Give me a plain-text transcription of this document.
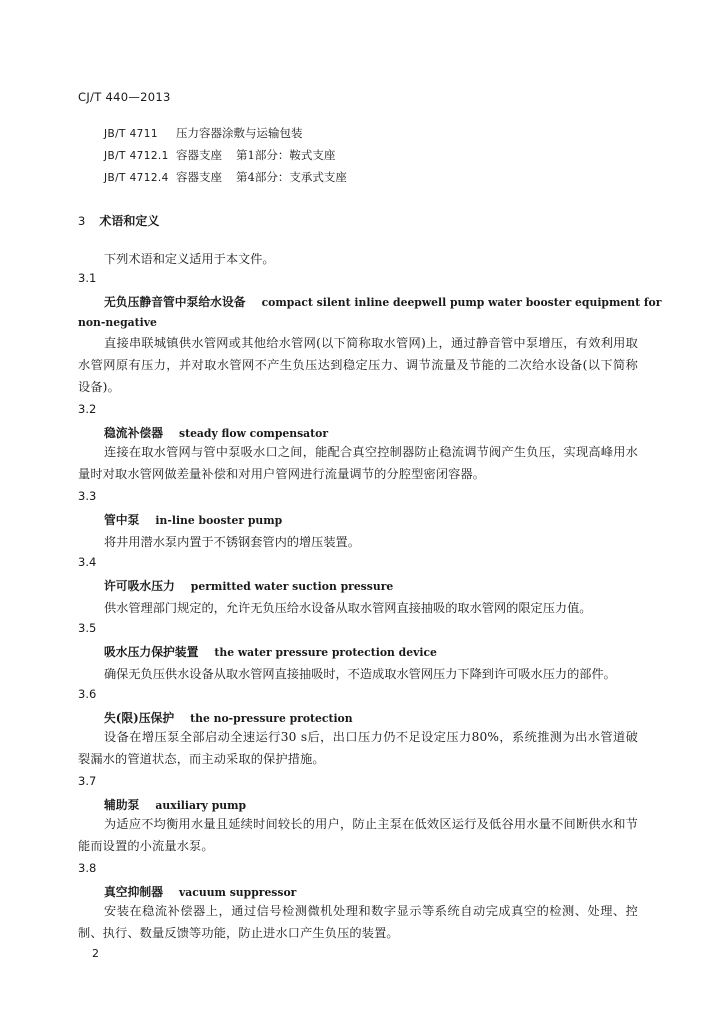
CJ/T 440—2013
JB/T 4711 压力容器涂敷与运输包装
JB/T 4712.1 容器支座 第1部分：鞍式支座
JB/T 4712.4 容器支座 第4部分：支承式支座
3 术语和定义
下列术语和定义适用于本文件。
3.1
无负压静音管中泵给水设备 compact silent inline deepwell pump water booster equipment for
non-negative
直接串联城镇供水管网或其他给水管网(以下简称取水管网)上，通过静音管中泵增压，有效利用取水管网原有压力，并对取水管网不产生负压达到稳定压力、调节流量及节能的二次给水设备(以下简称设备)。
3.2
稳流补偿器 steady flow compensator
连接在取水管网与管中泵吸水口之间，能配合真空控制器防止稳流调节阀产生负压，实现高峰用水量时对取水管网做差量补偿和对用户管网进行流量调节的分腔型密闭容器。
3.3
管中泵 in-line booster pump
将井用潜水泵内置于不锈钢套管内的增压装置。
3.4
许可吸水压力 permitted water suction pressure
供水管理部门规定的，允许无负压给水设备从取水管网直接抽吸的取水管网的限定压力值。
3.5
吸水压力保护装置 the water pressure protection device
确保无负压供水设备从取水管网直接抽吸时，不造成取水管网压力下降到许可吸水压力的部件。
3.6
失(限)压保护 the no-pressure protection
设备在增压泵全部启动全速运行30 s后，出口压力仍不足设定压力80%，系统推测为出水管道破裂漏水的管道状态，而主动采取的保护措施。
3.7
辅助泵 auxiliary pump
为适应不均衡用水量且延续时间较长的用户，防止主泵在低效区运行及低谷用水量不间断供水和节能而设置的小流量水泵。
3.8
真空抑制器 vacuum suppressor
安装在稳流补偿器上，通过信号检测微机处理和数字显示等系统自动完成真空的检测、处理、控制、执行、数量反馈等功能，防止进水口产生负压的装置。
2
